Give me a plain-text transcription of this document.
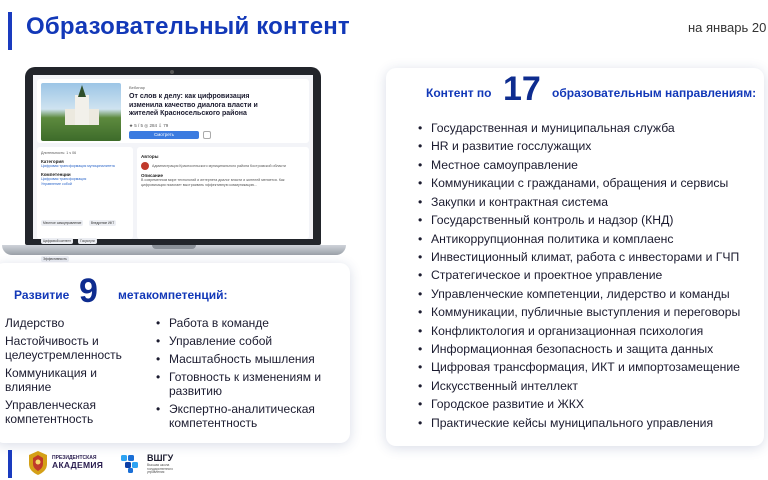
Образовательный контент	на январь 20
Вебинар
От слов к делу: как цифровизация изменила качество диалога власти и жителей Красносельского района
★ 5 / 5 ◎ 284 ⇩ 79
Смотреть
Длительность: 1 ч 06
Категория
Цифровая трансформация муниципалитета
Компетенции
Цифровая трансформация
Управление собой
Местное самоуправление	Внедрение ИКТ Цифровой контент	Госуслуги Эффективность
Авторы
Администрация Красносельского муниципального района Костромской области
Описание
В современном мире технологий и интернета диалог власти и жителей меняется. Как цифровизация помогает выстраивать эффективную коммуникацию...
Контент по 17 образовательным направлениям:
• Государственная и муниципальная служба
• HR и развитие госслужащих
• Местное самоуправление
• Коммуникации с гражданами, обращения и сервисы
• Закупки и контрактная система
• Государственный контроль и надзор (КНД)
• Антикоррупционная политика и комплаенс
• Инвестиционный климат, работа с инвесторами и ГЧП
• Стратегическое и проектное управление
• Управленческие компетенции, лидерство и команды
• Коммуникации, публичные выступления и переговоры
• Конфликтология и организационная психология
• Информационная безопасность и защита данных
• Цифровая трансформация, ИКТ и импортозамещение
• Искусственный интеллект
• Городское развитие и ЖКХ
• Практические кейсы муниципального управления
Развитие 9 метакомпетенций:
Лидерство
Настойчивость и целеустремленность
Коммуникация и влияние
Управленческая компетентность
• Работа в команде
• Управление собой
• Масштабность мышления
• Готовность к изменениям и развитию
• Экспертно-аналитическая компетентность
ПРЕЗИДЕНТСКАЯ
АКАДЕМИЯ
ВШГУ
Высшая школа государственного управления
